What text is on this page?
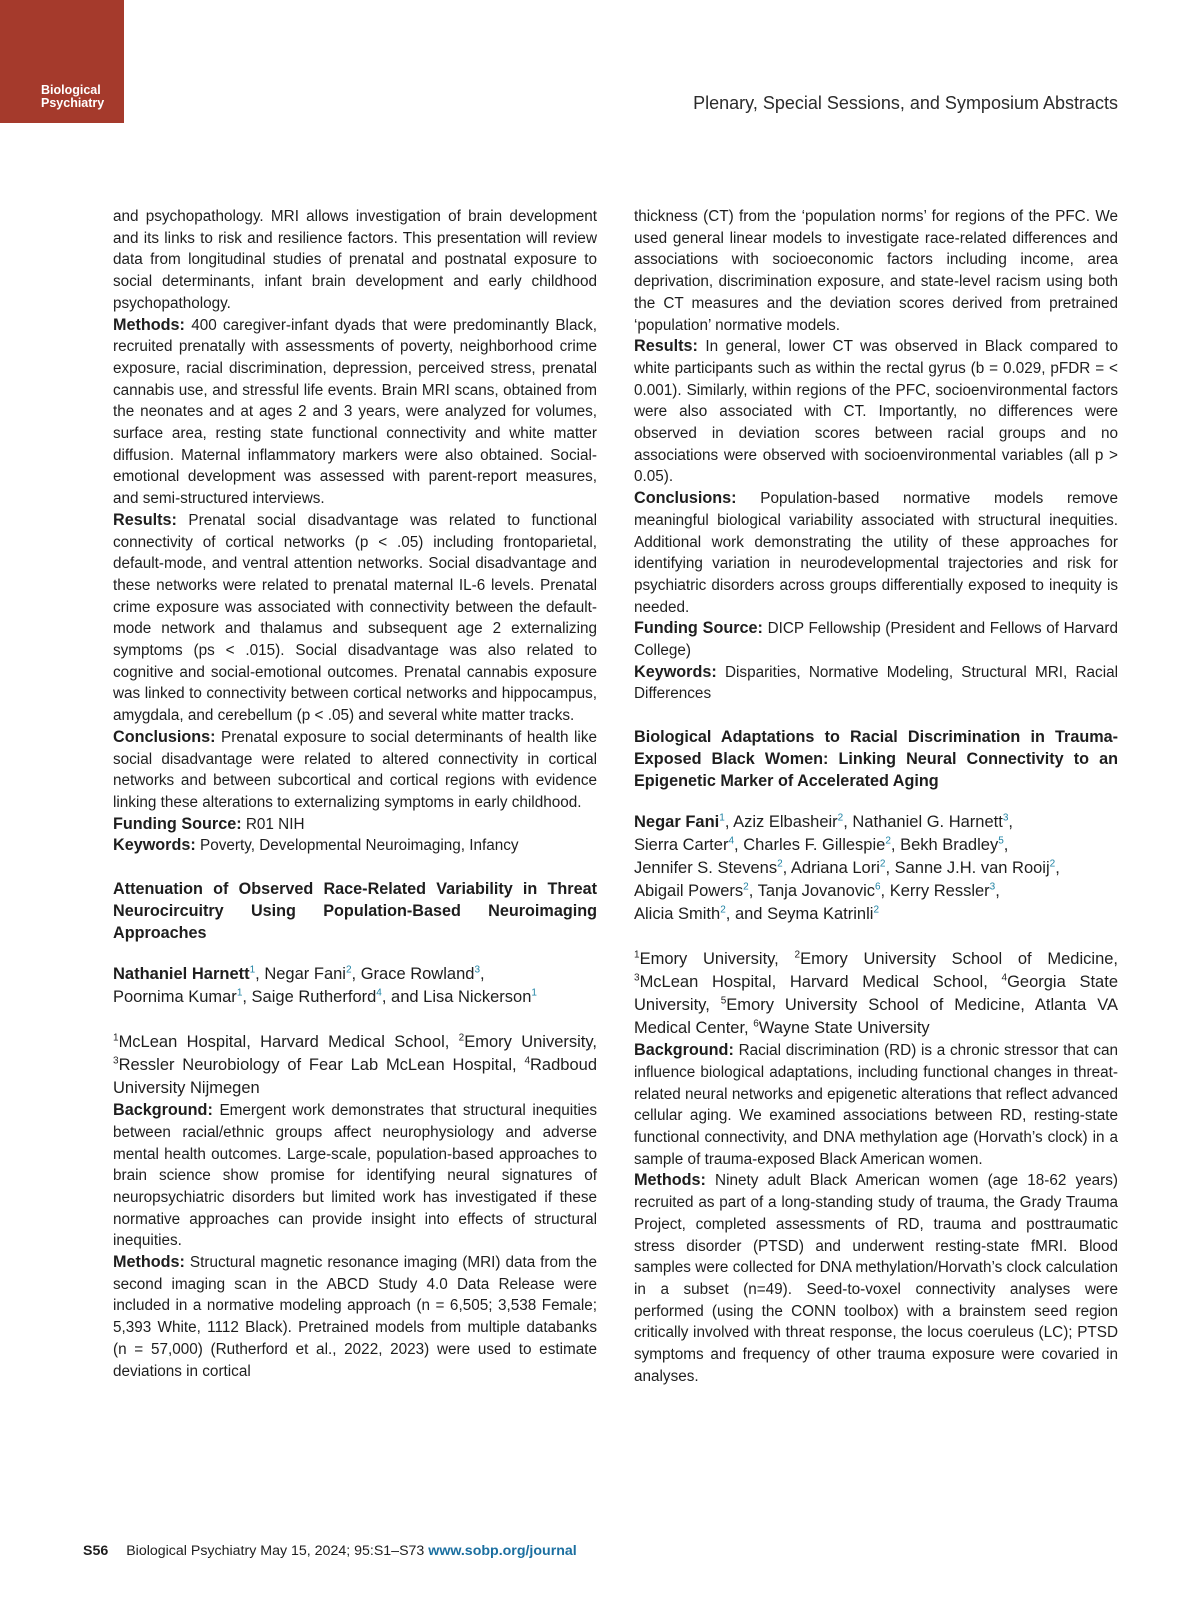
Biological
Psychiatry	Plenary, Special Sessions, and Symposium Abstracts

and psychopathology. MRI allows investigation of brain development and its links to risk and resilience factors. This presentation will review data from longitudinal studies of prenatal and postnatal exposure to social determinants, infant brain development and early childhood psychopathology.

Methods: 400 caregiver-infant dyads that were predominantly Black, recruited prenatally with assessments of poverty, neighborhood crime exposure, racial discrimination, depression, perceived stress, prenatal cannabis use, and stressful life events. Brain MRI scans, obtained from the neonates and at ages 2 and 3 years, were analyzed for volumes, surface area, resting state functional connectivity and white matter diffusion. Maternal inflammatory markers were also obtained. Social-emotional development was assessed with parent-report measures, and semi-structured interviews.

Results: Prenatal social disadvantage was related to functional connectivity of cortical networks (p < .05) including frontoparietal, default-mode, and ventral attention networks. Social disadvantage and these networks were related to prenatal maternal IL-6 levels. Prenatal crime exposure was associated with connectivity between the default-mode network and thalamus and subsequent age 2 externalizing symptoms (ps < .015). Social disadvantage was also related to cognitive and social-emotional outcomes. Prenatal cannabis exposure was linked to connectivity between cortical networks and hippocampus, amygdala, and cerebellum (p < .05) and several white matter tracks.

Conclusions: Prenatal exposure to social determinants of health like social disadvantage were related to altered connectivity in cortical networks and between subcortical and cortical regions with evidence linking these alterations to externalizing symptoms in early childhood.

Funding Source: R01 NIH

Keywords: Poverty, Developmental Neuroimaging, Infancy

Attenuation of Observed Race-Related Variability in Threat Neurocircuitry Using Population-Based Neuroimaging Approaches

Nathaniel Harnett$^1$, Negar Fani$^2$, Grace Rowland$^3$,
Poornima Kumar$^1$, Saige Rutherford$^4$, and Lisa Nickerson$^1$

$^1$McLean Hospital, Harvard Medical School, $^2$Emory University, $^3$Ressler Neurobiology of Fear Lab McLean Hospital, $^4$Radboud University Nijmegen

Background: Emergent work demonstrates that structural inequities between racial/ethnic groups affect neurophysiology and adverse mental health outcomes. Large-scale, population-based approaches to brain science show promise for identifying neural signatures of neuropsychiatric disorders but limited work has investigated if these normative approaches can provide insight into effects of structural inequities.

Methods: Structural magnetic resonance imaging (MRI) data from the second imaging scan in the ABCD Study 4.0 Data Release were included in a normative modeling approach (n = 6,505; 3,538 Female; 5,393 White, 1112 Black). Pretrained models from multiple databanks (n = 57,000) (Rutherford et al., 2022, 2023) were used to estimate deviations in cortical

thickness (CT) from the ‘population norms’ for regions of the PFC. We used general linear models to investigate race-related differences and associations with socioeconomic factors including income, area deprivation, discrimination exposure, and state-level racism using both the CT measures and the deviation scores derived from pretrained ‘population’ normative models.

Results: In general, lower CT was observed in Black compared to white participants such as within the rectal gyrus (b = 0.029, pFDR = < 0.001). Similarly, within regions of the PFC, socioenvironmental factors were also associated with CT. Importantly, no differences were observed in deviation scores between racial groups and no associations were observed with socioenvironmental variables (all p > 0.05).

Conclusions: Population-based normative models remove meaningful biological variability associated with structural inequities. Additional work demonstrating the utility of these approaches for identifying variation in neurodevelopmental trajectories and risk for psychiatric disorders across groups differentially exposed to inequity is needed.

Funding Source: DICP Fellowship (President and Fellows of Harvard College)

Keywords: Disparities, Normative Modeling, Structural MRI, Racial Differences

Biological Adaptations to Racial Discrimination in Trauma-Exposed Black Women: Linking Neural Connectivity to an Epigenetic Marker of Accelerated Aging

Negar Fani$^1$, Aziz Elbasheir$^2$, Nathaniel G. Harnett$^3$,
Sierra Carter$^4$, Charles F. Gillespie$^2$, Bekh Bradley$^5$,
Jennifer S. Stevens$^2$, Adriana Lori$^2$, Sanne J.H. van Rooij$^2$,
Abigail Powers$^2$, Tanja Jovanovic$^6$, Kerry Ressler$^3$,
Alicia Smith$^2$, and Seyma Katrinli$^2$

$^1$Emory University, $^2$Emory University School of Medicine, $^3$McLean Hospital, Harvard Medical School, $^4$Georgia State University, $^5$Emory University School of Medicine, Atlanta VA Medical Center, $^6$Wayne State University

Background: Racial discrimination (RD) is a chronic stressor that can influence biological adaptations, including functional changes in threat-related neural networks and epigenetic alterations that reflect advanced cellular aging. We examined associations between RD, resting-state functional connectivity, and DNA methylation age (Horvath’s clock) in a sample of trauma-exposed Black American women.

Methods: Ninety adult Black American women (age 18-62 years) recruited as part of a long-standing study of trauma, the Grady Trauma Project, completed assessments of RD, trauma and posttraumatic stress disorder (PTSD) and underwent resting-state fMRI. Blood samples were collected for DNA methylation/Horvath’s clock calculation in a subset (n=49). Seed-to-voxel connectivity analyses were performed (using the CONN toolbox) with a brainstem seed region critically involved with threat response, the locus coeruleus (LC); PTSD symptoms and frequency of other trauma exposure were covaried in analyses.

S56 Biological Psychiatry May 15, 2024; 95:S1–S73 www.sobp.org/journal
